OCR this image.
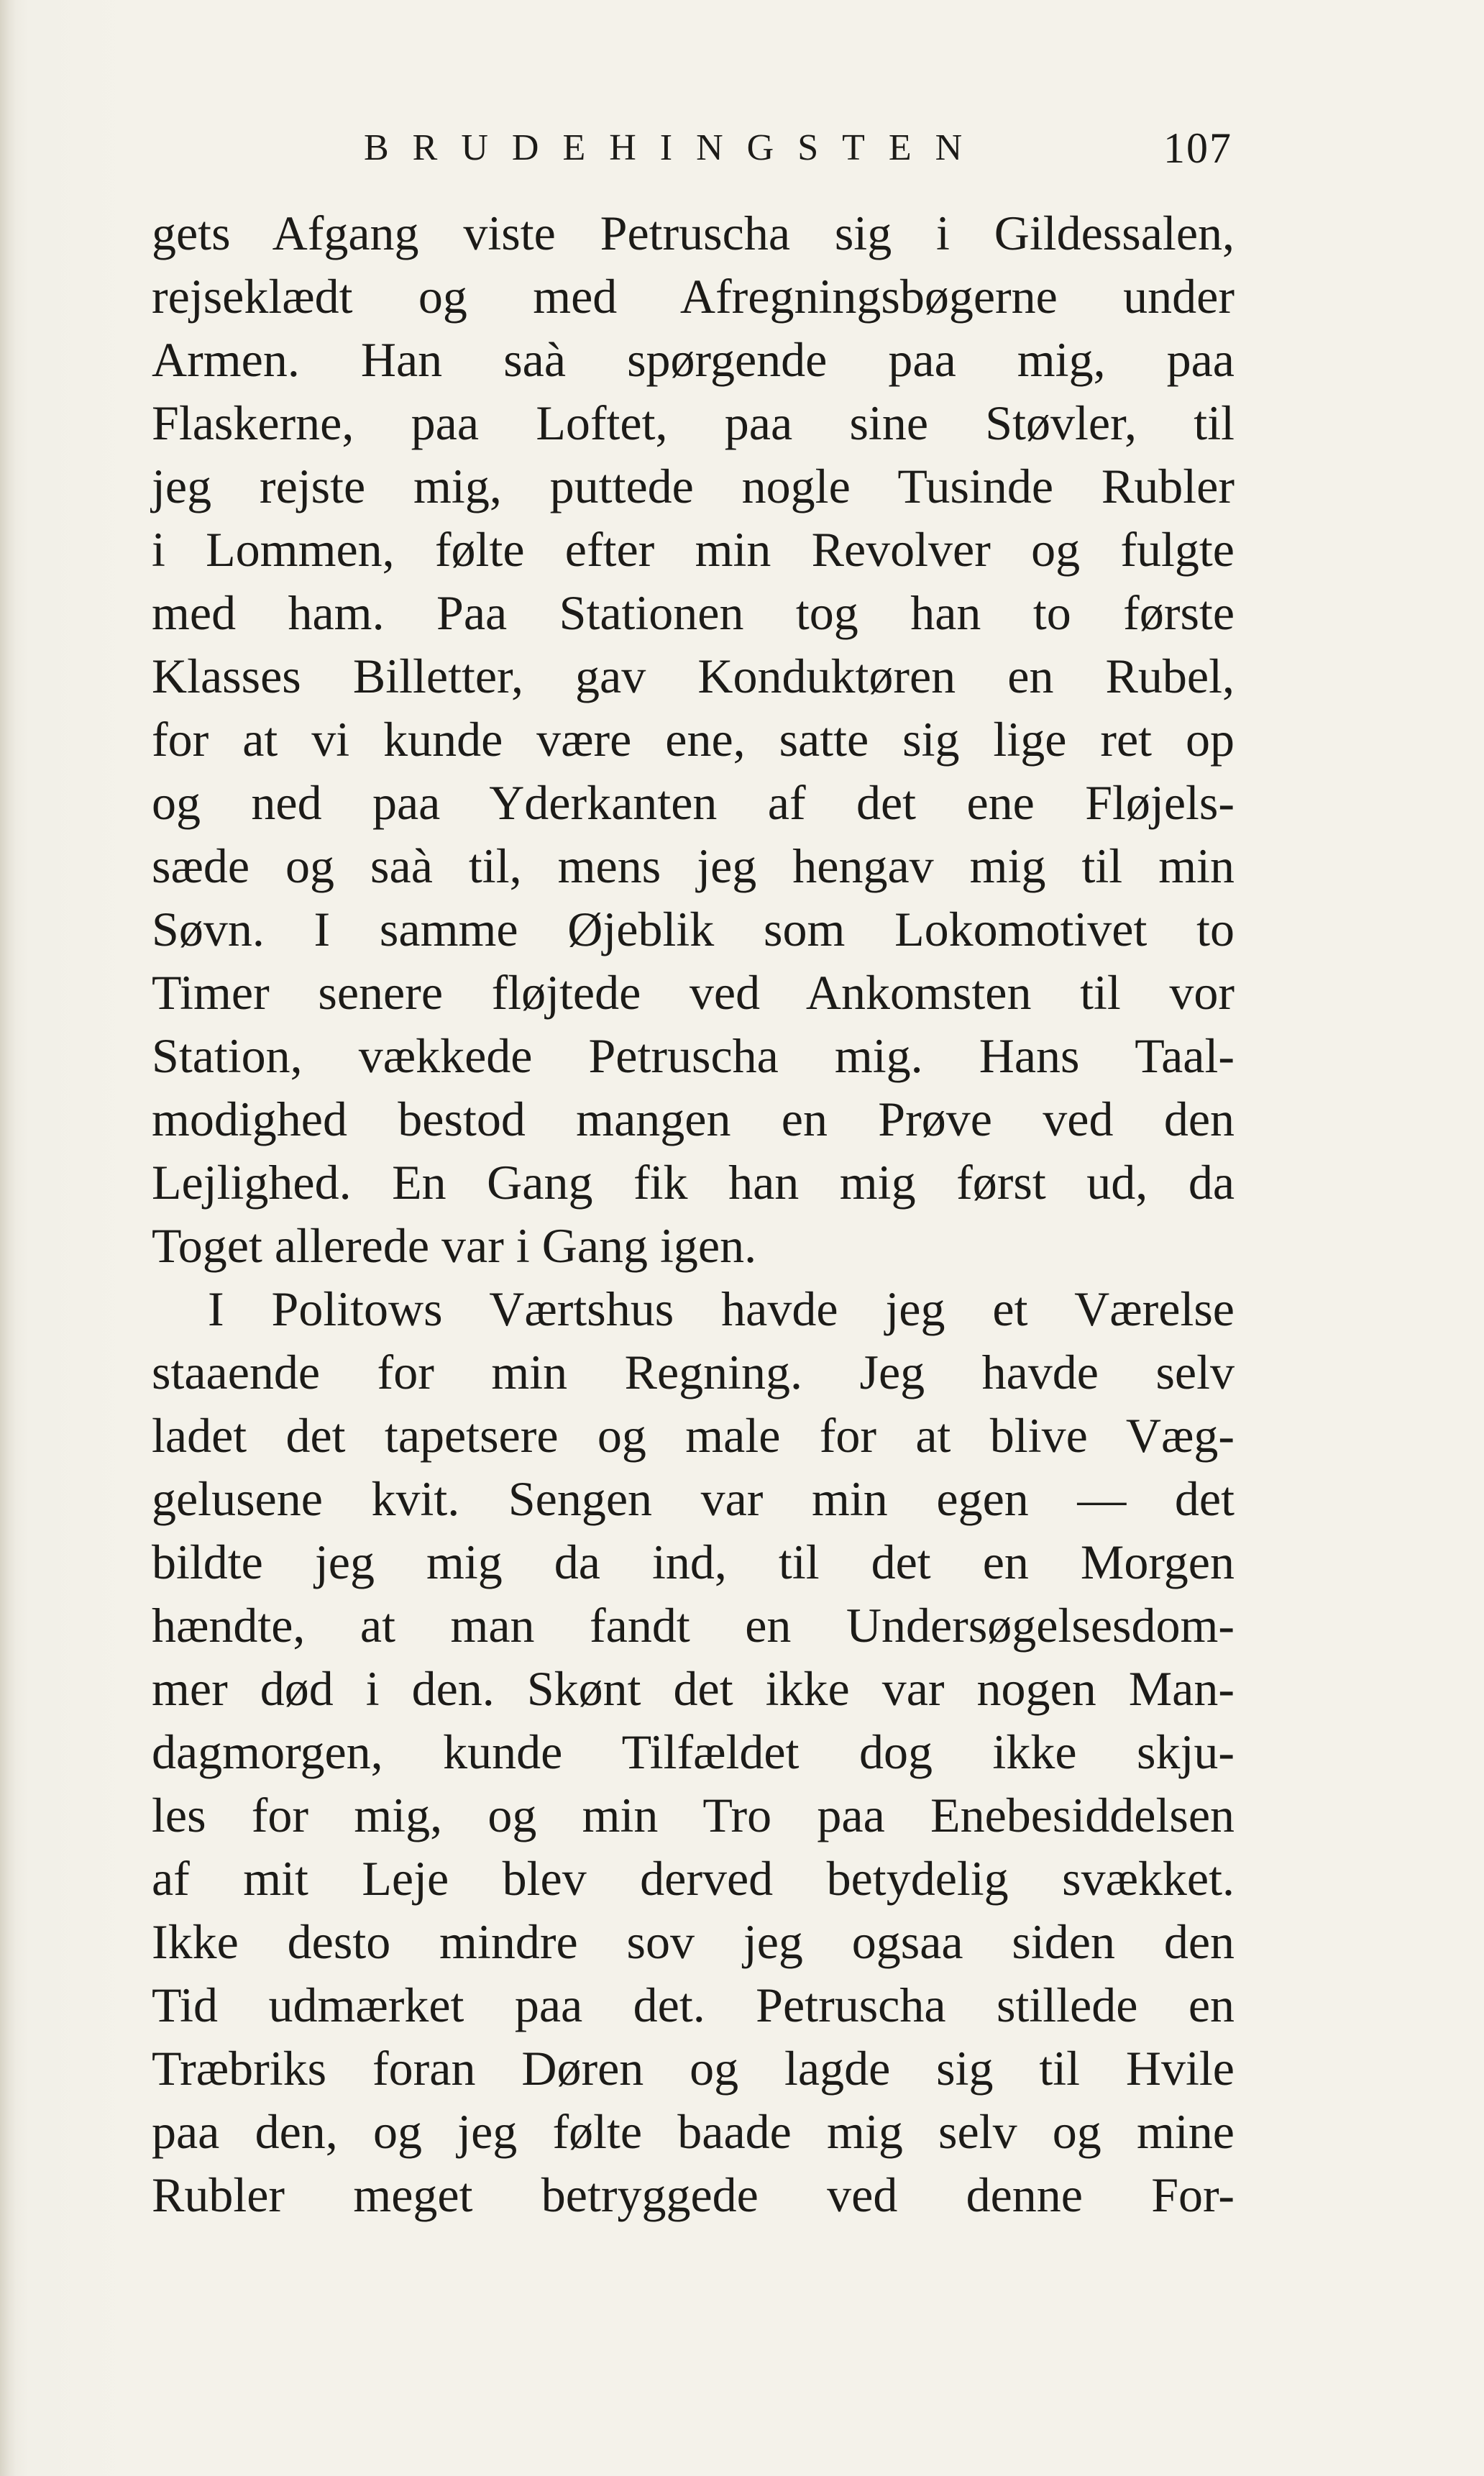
BRUDEHINGSTEN	107
gets Afgang viste Petruscha sig i Gildessalen,
rejseklædt og med Afregningsbøgerne under
Armen. Han saà spørgende paa mig, paa
Flaskerne, paa Loftet, paa sine Støvler, til
jeg rejste mig, puttede nogle Tusinde Rubler
i Lommen, følte efter min Revolver og fulgte
med ham. Paa Stationen tog han to første
Klasses Billetter, gav Konduktøren en Rubel,
for at vi kunde være ene, satte sig lige ret op
og ned paa Yderkanten af det ene Fløjels-
sæde og saà til, mens jeg hengav mig til min
Søvn. I samme Øjeblik som Lokomotivet to
Timer senere fløjtede ved Ankomsten til vor
Station, vækkede Petruscha mig. Hans Taal-
modighed bestod mangen en Prøve ved den
Lejlighed. En Gang fik han mig først ud, da
Toget allerede var i Gang igen.
I Politows Værtshus havde jeg et Værelse
staaende for min Regning. Jeg havde selv
ladet det tapetsere og male for at blive Væg-
gelusene kvit. Sengen var min egen — det
bildte jeg mig da ind, til det en Morgen
hændte, at man fandt en Undersøgelsesdom-
mer død i den. Skønt det ikke var nogen Man-
dagmorgen, kunde Tilfældet dog ikke skju-
les for mig, og min Tro paa Enebesiddelsen
af mit Leje blev derved betydelig svækket.
Ikke desto mindre sov jeg ogsaa siden den
Tid udmærket paa det. Petruscha stillede en
Træbriks foran Døren og lagde sig til Hvile
paa den, og jeg følte baade mig selv og mine
Rubler meget betryggede ved denne For-
